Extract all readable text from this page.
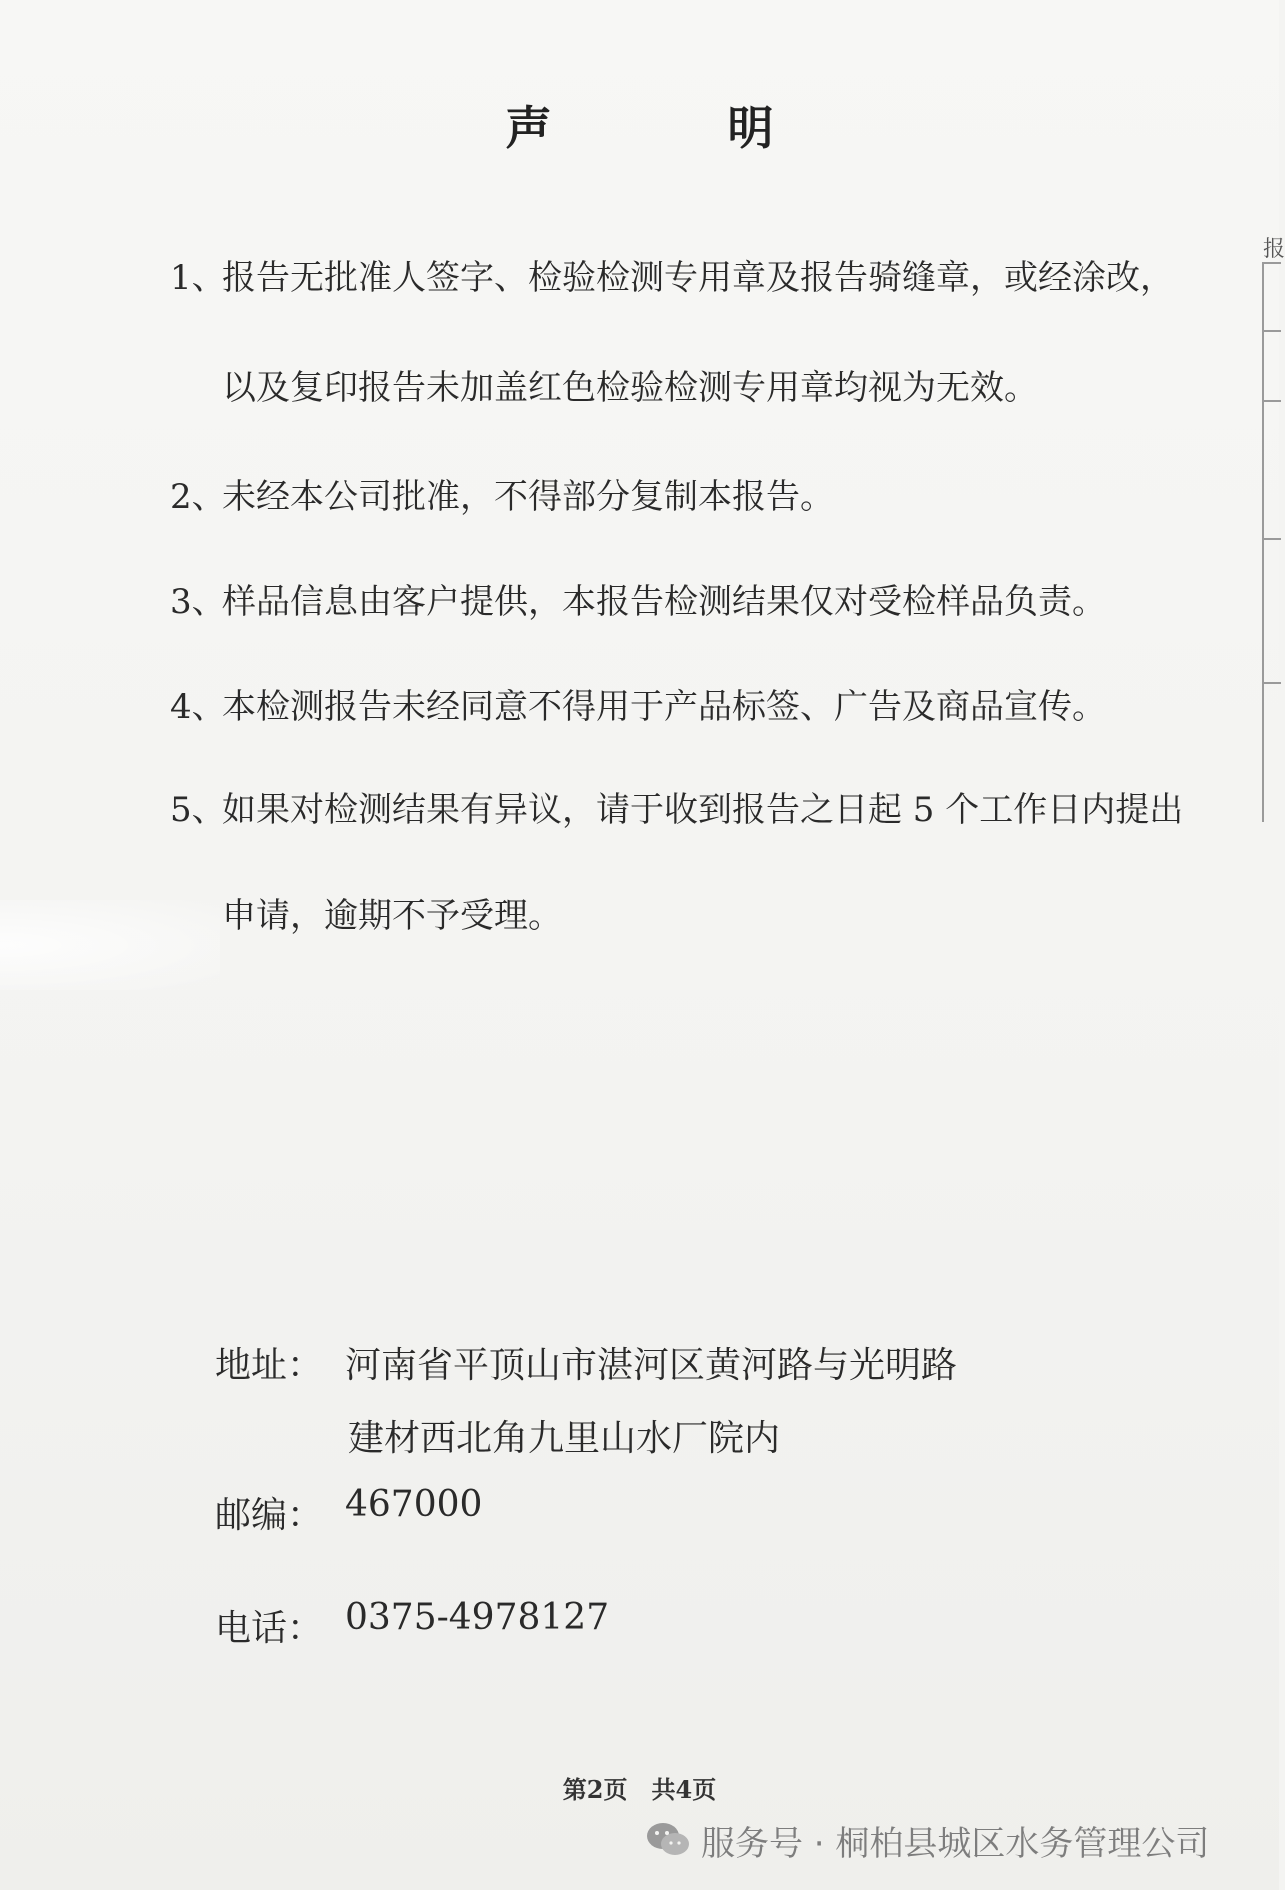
声 明
1、报告无批准人签字、检验检测专用章及报告骑缝章，或经涂改，
以及复印报告未加盖红色检验检测专用章均视为无效。
2、未经本公司批准，不得部分复制本报告。
3、样品信息由客户提供，本报告检测结果仅对受检样品负责。
4、本检测报告未经同意不得用于产品标签、广告及商品宣传。
5、如果对检测结果有异议，请于收到报告之日起 5 个工作日内提出
申请，逾期不予受理。
地址： 河南省平顶山市湛河区黄河路与光明路
建材西北角九里山水厂院内
邮编： 467000
电话： 0375-4978127
第2页　共4页
服务号 · 桐柏县城区水务管理公司
报
